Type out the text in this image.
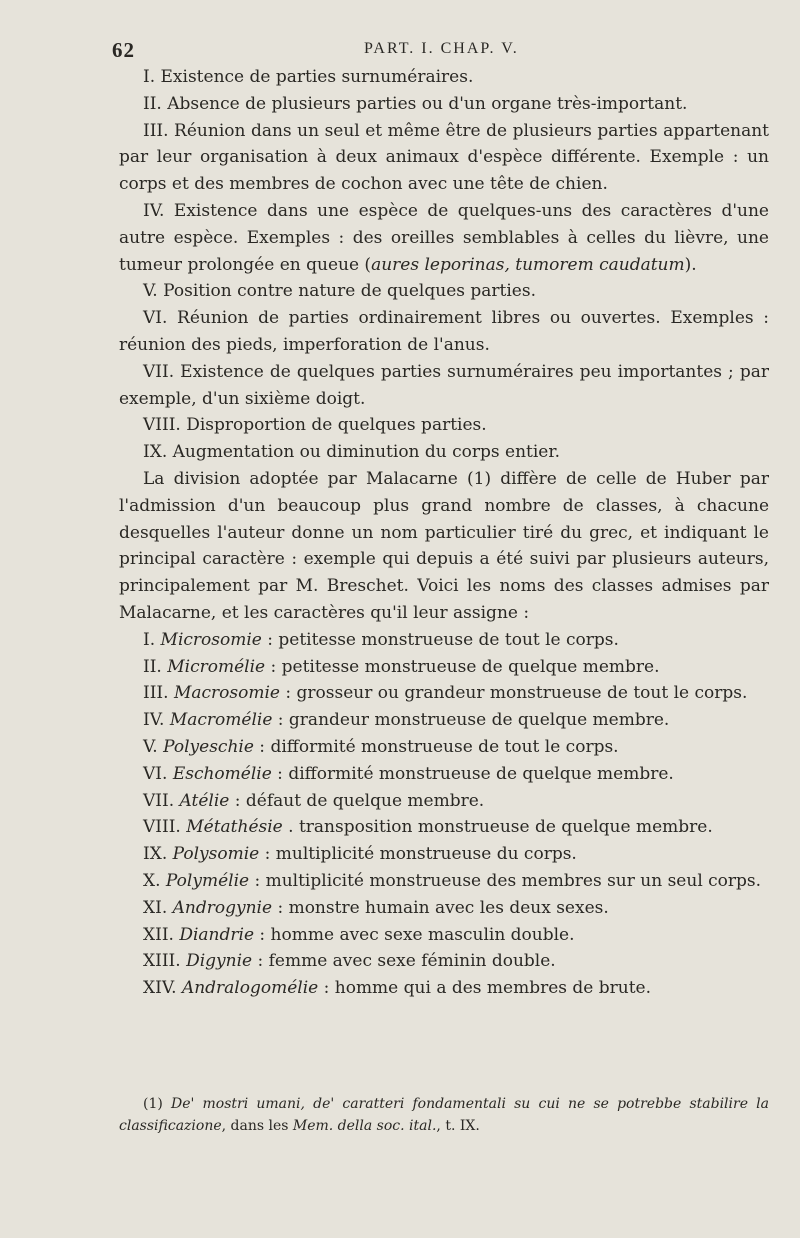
62	PART. I. CHAP. V.

I. Existence de parties surnuméraires.

II. Absence de plusieurs parties ou d'un organe très-important.

III. Réunion dans un seul et même être de plusieurs parties appartenant par leur organisation à deux animaux d'espèce différente. Exemple : un corps et des membres de cochon avec une tête de chien.

IV. Existence dans une espèce de quelques-uns des caractères d'une autre espèce. Exemples : des oreilles semblables à celles du lièvre, une tumeur prolongée en queue (aures leporinas, tumorem caudatum).

V. Position contre nature de quelques parties.

VI. Réunion de parties ordinairement libres ou ouvertes. Exemples : réunion des pieds, imperforation de l'anus.

VII. Existence de quelques parties surnuméraires peu importantes ; par exemple, d'un sixième doigt.

VIII. Disproportion de quelques parties.

IX. Augmentation ou diminution du corps entier.

La division adoptée par Malacarne (1) diffère de celle de Huber par l'admission d'un beaucoup plus grand nombre de classes, à chacune desquelles l'auteur donne un nom particulier tiré du grec, et indiquant le principal caractère : exemple qui depuis a été suivi par plusieurs auteurs, principalement par M. Breschet. Voici les noms des classes admises par Malacarne, et les caractères qu'il leur assigne :

I. Microsomie : petitesse monstrueuse de tout le corps.

II. Micromélie : petitesse monstrueuse de quelque membre.

III. Macrosomie : grosseur ou grandeur monstrueuse de tout le corps.

IV. Macromélie : grandeur monstrueuse de quelque membre.

V. Polyeschie : difformité monstrueuse de tout le corps.

VI. Eschomélie : difformité monstrueuse de quelque membre.

VII. Atélie : défaut de quelque membre.

VIII. Métathésie . transposition monstrueuse de quelque membre.

IX. Polysomie : multiplicité monstrueuse du corps.

X. Polymélie : multiplicité monstrueuse des membres sur un seul corps.

XI. Androgynie : monstre humain avec les deux sexes.

XII. Diandrie : homme avec sexe masculin double.

XIII. Digynie : femme avec sexe féminin double.

XIV. Andralogomélie : homme qui a des membres de brute.

(1) De' mostri umani, de' caratteri fondamentali su cui ne se potrebbe stabilire la classificazione, dans les Mem. della soc. ital., t. IX.
